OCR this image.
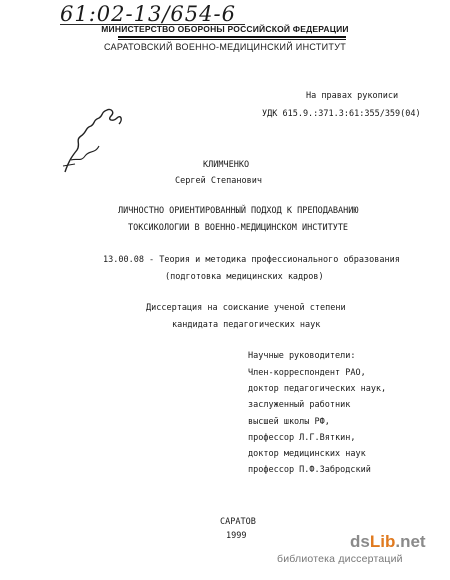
61:02-13/654-6
МИНИСТЕРСТВО ОБОРОНЫ РОССИЙСКОЙ ФЕДЕРАЦИИ
САРАТОВСКИЙ ВОЕННО-МЕДИЦИНСКИЙ ИНСТИТУТ
На правах рукописи
УДК 615.9.:371.3:61:355/359(04)
КЛИМЧЕНКО
Сергей Степанович
ЛИЧНОСТНО ОРИЕНТИРОВАННЫЙ ПОДХОД К ПРЕПОДАВАНИЮ
ТОКСИКОЛОГИИ В ВОЕННО-МЕДИЦИНСКОМ ИНСТИТУТЕ
13.00.08 - Теория и методика профессионального образования
(подготовка медицинских кадров)
Диссертация на соискание ученой степени
кандидата педагогических наук
Научные руководители:
Член-корреспондент РАО,
доктор педагогических наук,
заслуженный работник
высшей школы РФ,
профессор Л.Г.Вяткин,
доктор медицинских наук
профессор П.Ф.Забродский
САРАТОВ
1999	dsLib.net
библиотека диссертаций
